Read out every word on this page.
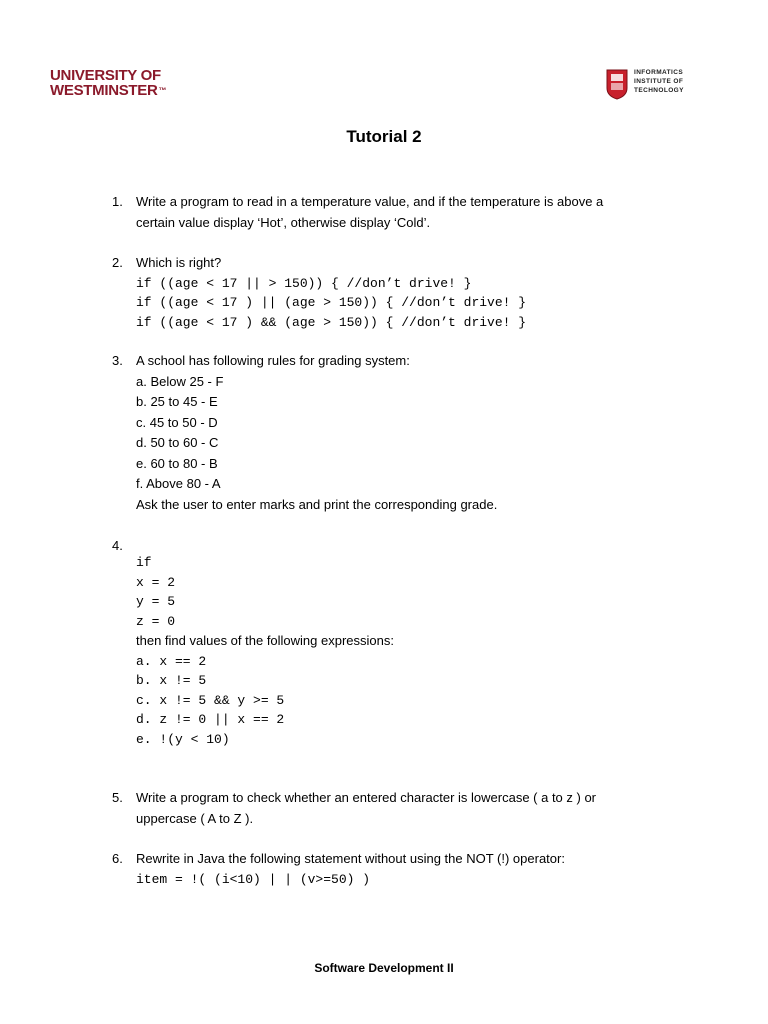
UNIVERSITY OF
WESTMINSTER™
INFORMATICS
INSTITUTE OF
TECHNOLOGY
Tutorial 2
1.	Write a program to read in a temperature value, and if the temperature is above a
certain value display ‘Hot’, otherwise display ‘Cold’.
2.	Which is right?
if ((age < 17 || > 150)) { //don’t drive! }
if ((age < 17 ) || (age > 150)) { //don’t drive! }
if ((age < 17 ) && (age > 150)) { //don’t drive! }
3.	A school has following rules for grading system:
a. Below 25 - F
b. 25 to 45 - E
c. 45 to 50 - D
d. 50 to 60 - C
e. 60 to 80 - B
f. Above 80 - A
Ask the user to enter marks and print the corresponding grade.
4.
if
x = 2
y = 5
z = 0
then find values of the following expressions:
a. x == 2
b. x != 5
c. x != 5 && y >= 5
d. z != 0 || x == 2
e. !(y < 10)
5.	Write a program to check whether an entered character is lowercase ( a to z ) or
uppercase ( A to Z ).
6.	Rewrite in Java the following statement without using the NOT (!) operator:
item = !( (i<10) | | (v>=50) )
Software Development II
